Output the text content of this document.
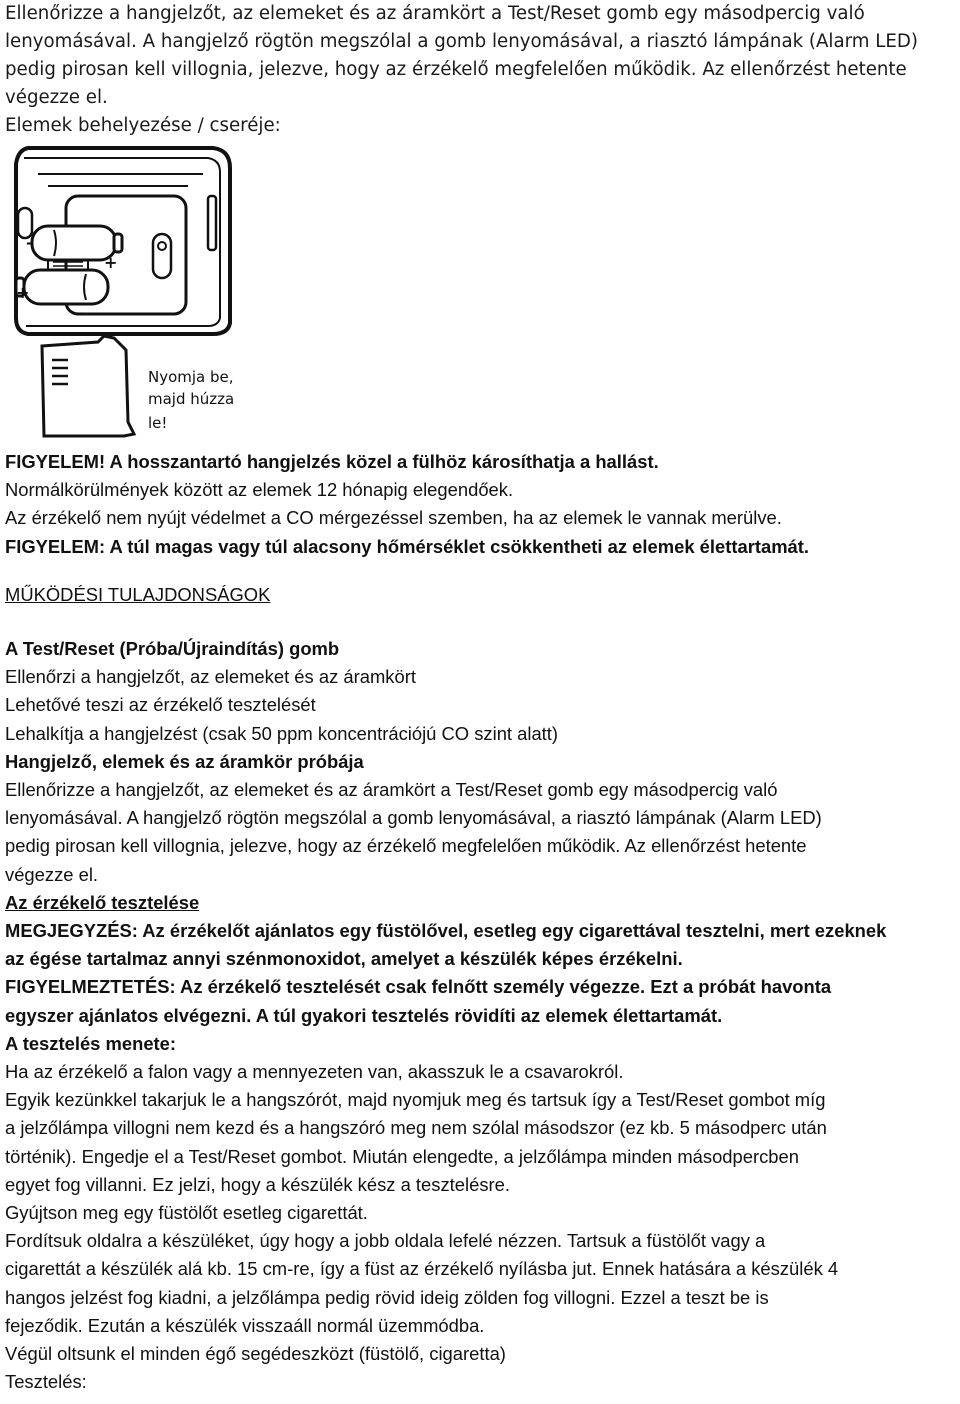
Ellenőrizze a hangjelzőt, az elemeket és az áramkört a Test/Reset gomb egy másodpercig való

lenyomásával. A hangjelző rögtön megszólal a gomb lenyomásával, a riasztó lámpának (Alarm LED)

pedig pirosan kell villognia, jelezve, hogy az érzékelő megfelelően működik. Az ellenőrzést hetente

végezze el.

Elemek behelyezése / cseréje:

–
+
+
–
Nyomja be,
majd húzza
le!

FIGYELEM! A hosszantartó hangjelzés közel a fülhöz károsíthatja a hallást.

Normálkörülmények között az elemek 12 hónapig elegendőek.

Az érzékelő nem nyújt védelmet a CO mérgezéssel szemben, ha az elemek le vannak merülve.

FIGYELEM: A túl magas vagy túl alacsony hőmérséklet csökkentheti az elemek élettartamát.

MŰKÖDÉSI TULAJDONSÁGOK

A Test/Reset (Próba/Újraindítás) gomb

Ellenőrzi a hangjelzőt, az elemeket és az áramkört

Lehetővé teszi az érzékelő tesztelését

Lehalkítja a hangjelzést (csak 50 ppm koncentrációjú CO szint alatt)

Hangjelző, elemek és az áramkör próbája

Ellenőrizze a hangjelzőt, az elemeket és az áramkört a Test/Reset gomb egy másodpercig való

lenyomásával. A hangjelző rögtön megszólal a gomb lenyomásával, a riasztó lámpának (Alarm LED)

pedig pirosan kell villognia, jelezve, hogy az érzékelő megfelelően működik. Az ellenőrzést hetente

végezze el.

Az érzékelő tesztelése

MEGJEGYZÉS: Az érzékelőt ajánlatos egy füstölővel, esetleg egy cigarettával tesztelni, mert ezeknek

az égése tartalmaz annyi szénmonoxidot, amelyet a készülék képes érzékelni.

FIGYELMEZTETÉS: Az érzékelő tesztelését csak felnőtt személy végezze. Ezt a próbát havonta

egyszer ajánlatos elvégezni. A túl gyakori tesztelés rövidíti az elemek élettartamát.

A tesztelés menete:

Ha az érzékelő a falon vagy a mennyezeten van, akasszuk le a csavarokról.

Egyik kezünkkel takarjuk le a hangszórót, majd nyomjuk meg és tartsuk így a Test/Reset gombot míg

a jelzőlámpa villogni nem kezd és a hangszóró meg nem szólal másodszor (ez kb. 5 másodperc után

történik). Engedje el a Test/Reset gombot. Miután elengedte, a jelzőlámpa minden másodpercben

egyet fog villanni. Ez jelzi, hogy a készülék kész a tesztelésre.

Gyújtson meg egy füstölőt esetleg cigarettát.

Fordítsuk oldalra a készüléket, úgy hogy a jobb oldala lefelé nézzen. Tartsuk a füstölőt vagy a

cigarettát a készülék alá kb. 15 cm-re, így a füst az érzékelő nyílásba jut. Ennek hatására a készülék 4

hangos jelzést fog kiadni, a jelzőlámpa pedig rövid ideig zölden fog villogni. Ezzel a teszt be is

fejeződik. Ezután a készülék visszaáll normál üzemmódba.

Végül oltsunk el minden égő segédeszközt (füstölő, cigaretta)

Tesztelés:
